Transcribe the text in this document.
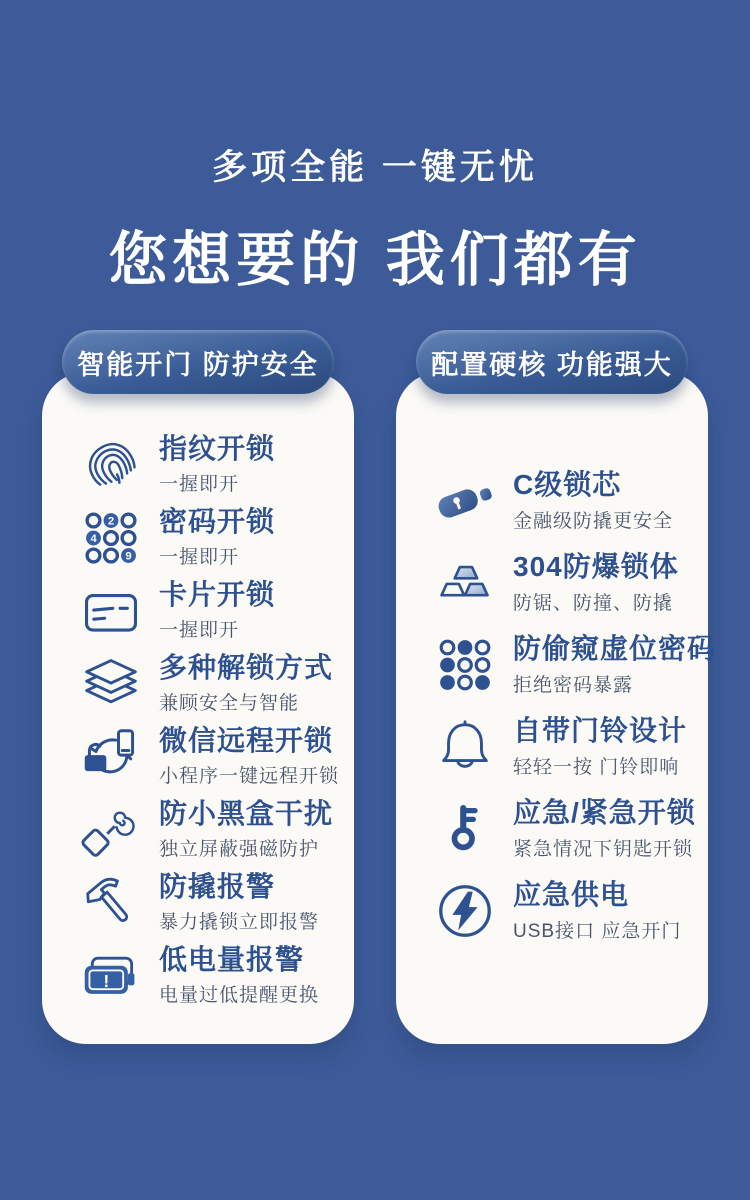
多项全能 一键无忧
您想要的 我们都有
智能开门 防护安全
指纹开锁
一握即开
2
4
9
密码开锁
一握即开
卡片开锁
一握即开
多种解锁方式
兼顾安全与智能
微信远程开锁
小程序一键远程开锁
防小黑盒干扰
独立屏蔽强磁防护
防撬报警
暴力撬锁立即报警
!
低电量报警
电量过低提醒更换
配置硬核 功能强大
C级锁芯
金融级防撬更安全
304防爆锁体
防锯、防撞、防撬
防偷窥虚位密码
拒绝密码暴露
自带门铃设计
轻轻一按 门铃即响
应急/紧急开锁
紧急情况下钥匙开锁
应急供电
USB接口 应急开门
